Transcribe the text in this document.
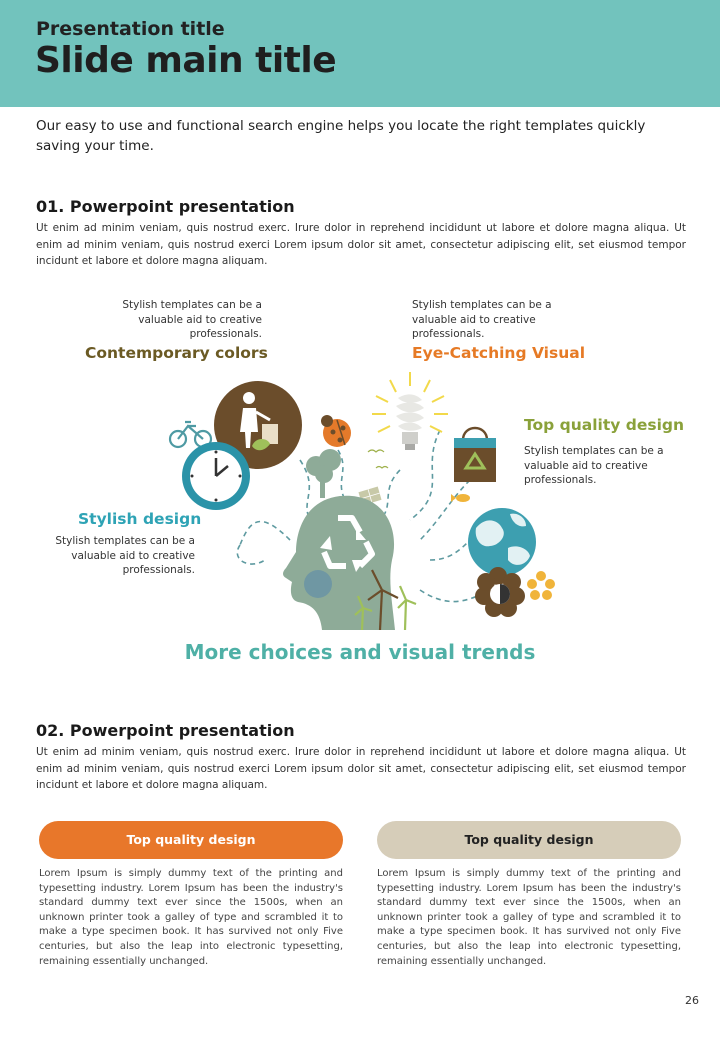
Presentation title
Slide main title
Our easy to use and functional search engine helps you locate the right templates quickly saving your time.
01. Powerpoint presentation
Ut enim ad minim veniam, quis nostrud exerc. Irure dolor in reprehend incididunt ut labore et dolore magna aliqua. Ut enim ad minim veniam, quis nostrud exerci Lorem ipsum dolor sit amet, consectetur adipiscing elit, set eiusmod tempor incidunt et labore et dolore magna aliquam.
Stylish templates can be a valuable aid to creative professionals.
Contemporary colors
Stylish templates can be a valuable aid to creative professionals.
Eye-Catching Visual
Top quality design
Stylish templates can be a valuable aid to creative professionals.
Stylish design
Stylish templates can be a valuable aid to creative professionals.
More choices and visual trends
02. Powerpoint presentation
Ut enim ad minim veniam, quis nostrud exerc. Irure dolor in reprehend incididunt ut labore et dolore magna aliqua. Ut enim ad minim veniam, quis nostrud exerci Lorem ipsum dolor sit amet, consectetur adipiscing elit, set eiusmod tempor incidunt et labore et dolore magna aliquam.
Top quality design
Lorem Ipsum is simply dummy text of the printing and typesetting industry. Lorem Ipsum has been the industry's standard dummy text ever since the 1500s, when an unknown printer took a galley of type and scrambled it to make a type specimen book. It has survived not only Five centuries, but also the leap into electronic typesetting, remaining essentially unchanged.
Top quality design
Lorem Ipsum is simply dummy text of the printing and typesetting industry. Lorem Ipsum has been the industry's standard dummy text ever since the 1500s, when an unknown printer took a galley of type and scrambled it to make a type specimen book. It has survived not only Five centuries, but also the leap into electronic typesetting, remaining essentially unchanged.
26
